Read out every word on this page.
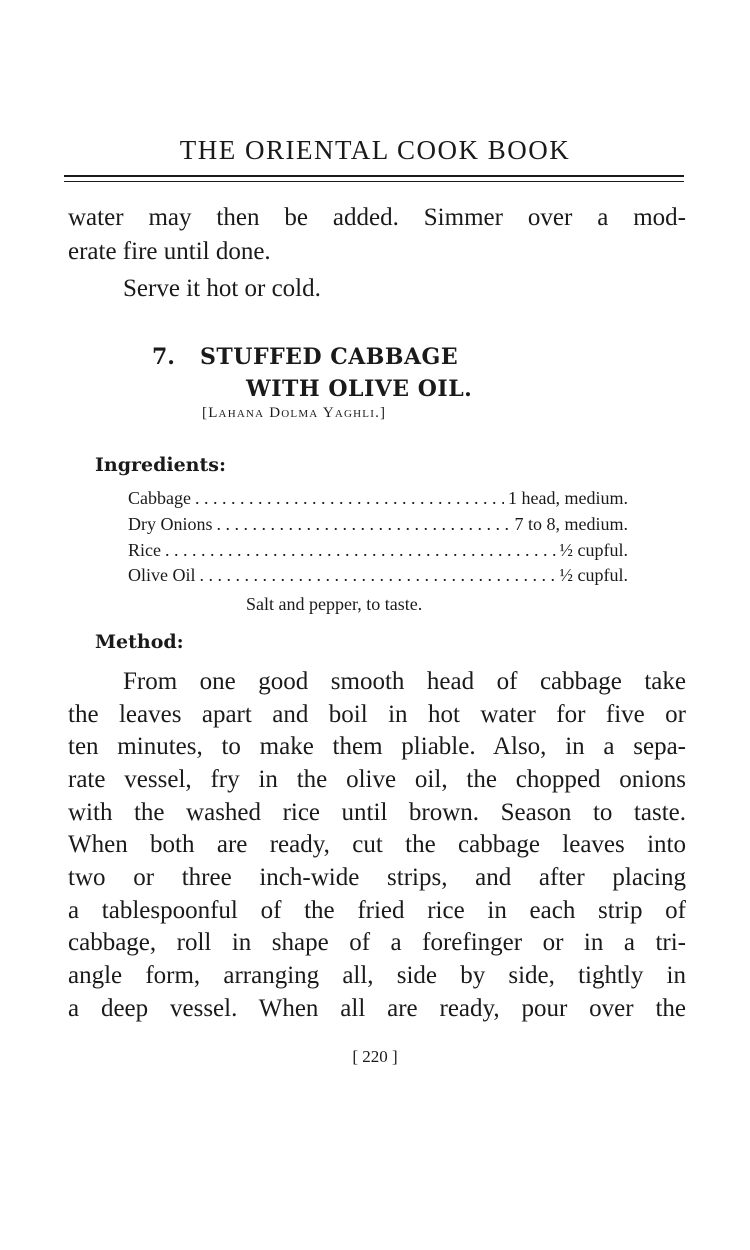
THE ORIENTAL COOK BOOK
water may then be added. Simmer over a mod-
erate fire until done.
Serve it hot or cold.
7. STUFFED CABBAGE
WITH OLIVE OIL.
[Lahana Dolma Yaghli.]
Ingredients:
Cabbage . . .	1 head, medium.
Dry Onions . . .	7 to 8, medium.
Rice . . .	½ cupful.
Olive Oil . . .	½ cupful.
Salt and pepper, to taste.
Method:
From one good smooth head of cabbage take
the leaves apart and boil in hot water for five or
ten minutes, to make them pliable. Also, in a sepa-
rate vessel, fry in the olive oil, the chopped onions
with the washed rice until brown. Season to taste.
When both are ready, cut the cabbage leaves into
two or three inch-wide strips, and after placing
a tablespoonful of the fried rice in each strip of
cabbage, roll in shape of a forefinger or in a tri-
angle form, arranging all, side by side, tightly in
a deep vessel. When all are ready, pour over the
[ 220 ]
